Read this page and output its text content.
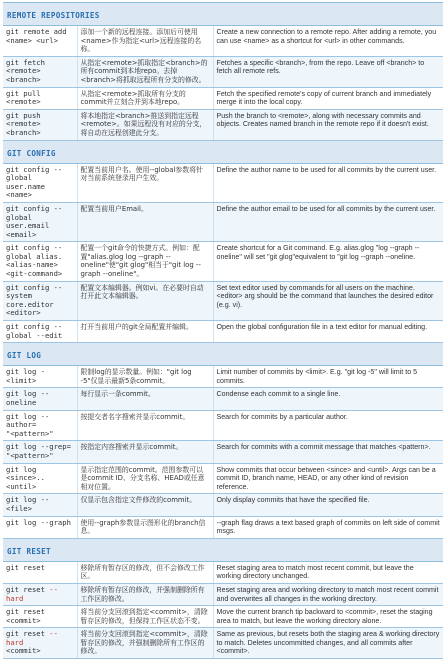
REMOTE REPOSITORIES		
git remote add
<name> <url>	添加一个新的远程连接。添加后可使用<name>作为指定<url>远程连接的名称。	Create a new connection to a remote repo. After adding a remote, you can use <name> as a shortcut for <url> in other commands.
git fetch
<remote> <branch>	从指定<remote>抓取指定<branch>的所有commit到本地repo。去掉<branch>将抓取远程所有分支的修改。	Fetches a specific <branch>, from the repo. Leave off <branch> to fetch all remote refs.
git pull <remote>	从指定<remote>抓取所有分支的commit并立刻合并到本地repo。	Fetch the specified remote's copy of current branch and immediately merge it into the local copy.
git push <remote>
<branch>	将本地指定<branch>推送到指定远程<remote>。如果远程没有对应的分支，将自动在远程创建此分支。	Push the branch to <remote>, along with necessary commits and objects. Creates named branch in the remote repo if it doesn't exist.
GIT CONFIG		
git config --
global user.name
<name>	配置当前用户名。使用--global参数将针对当前系统登录用户生效。	Define the author name to be used for all commits by the current user.
git config --
global user.email
<email>	配置当前用户Email。	Define the author email to be used for all commits by the current user.
git config --
global alias.
<alias-name>
<git-command>	配置一个git命令的快捷方式。例如：配置"alias.glog log --graph --oneline"使"git glog"相当于"git log --graph --oneline"。	Create shortcut for a Git command. E.g. alias.glog "log --graph --oneline" will set "git glog"equivalent to "git log --graph --oneline.
git config --
system
core.editor
<editor>	配置文本编辑器。例如vi。在必要时自动打开此文本编辑器。	Set text editor used by commands for all users on the machine. <editor> arg should be the command that launches the desired editor (e.g. vi).
git config --
global --edit	打开当前用户的git全局配置并编辑。	Open the global configuration file in a text editor for manual editing.
GIT LOG		
git log -<limit>	限制log的显示数量。例如："git log -5"仅显示最新5条commit。	Limit number of commits by <limit>. E.g. "git log -5" will limit to 5 commits.
git log --oneline	每行显示一条commit。	Condense each commit to a single line.
git log --author=
"<pattern>"	按提交者名字搜索并显示commit。	Search for commits by a particular author.
git log --grep=
"<pattern>"	按指定内容搜索并显示commit。	Search for commits with a commit message that matches <pattern>.
git log
<since>..<until>	显示指定范围的commit。范围参数可以是commit ID、分支名称、HEAD或任意相对位置。	Show commits that occur between <since> and <until>. Args can be a commit ID, branch name, HEAD, or any other kind of revision reference.
git log -- <file>	仅显示包含指定文件修改的commit。	Only display commits that have the specified file.
git log --graph	使用--graph参数显示图形化的branch信息。	--graph flag draws a text based graph of commits on left side of commit msgs.
GIT RESET		
git reset	移除所有暂存区的修改，但不会修改工作区。	Reset staging area to match most recent commit, but leave the working directory unchanged.
git reset --hard	移除所有暂存区的修改，并强制删除所有工作区的修改。	Reset staging area and working directory to match most recent commit and overwrites all changes in the working directory.
git reset
<commit>	将当前分支回滚到指定<commit>，清除暂存区的修改，但保持工作区状态不变。	Move the current branch tip backward to <commit>, reset the staging area to match, but leave the working directory alone.
git reset --hard
<commit>	将当前分支回滚到指定<commit>，清除暂存区的修改，并强制删除所有工作区的修改。	Same as previous, but resets both the staging area & working directory to match. Deletes uncommitted changes, and all commits after <commit>.
